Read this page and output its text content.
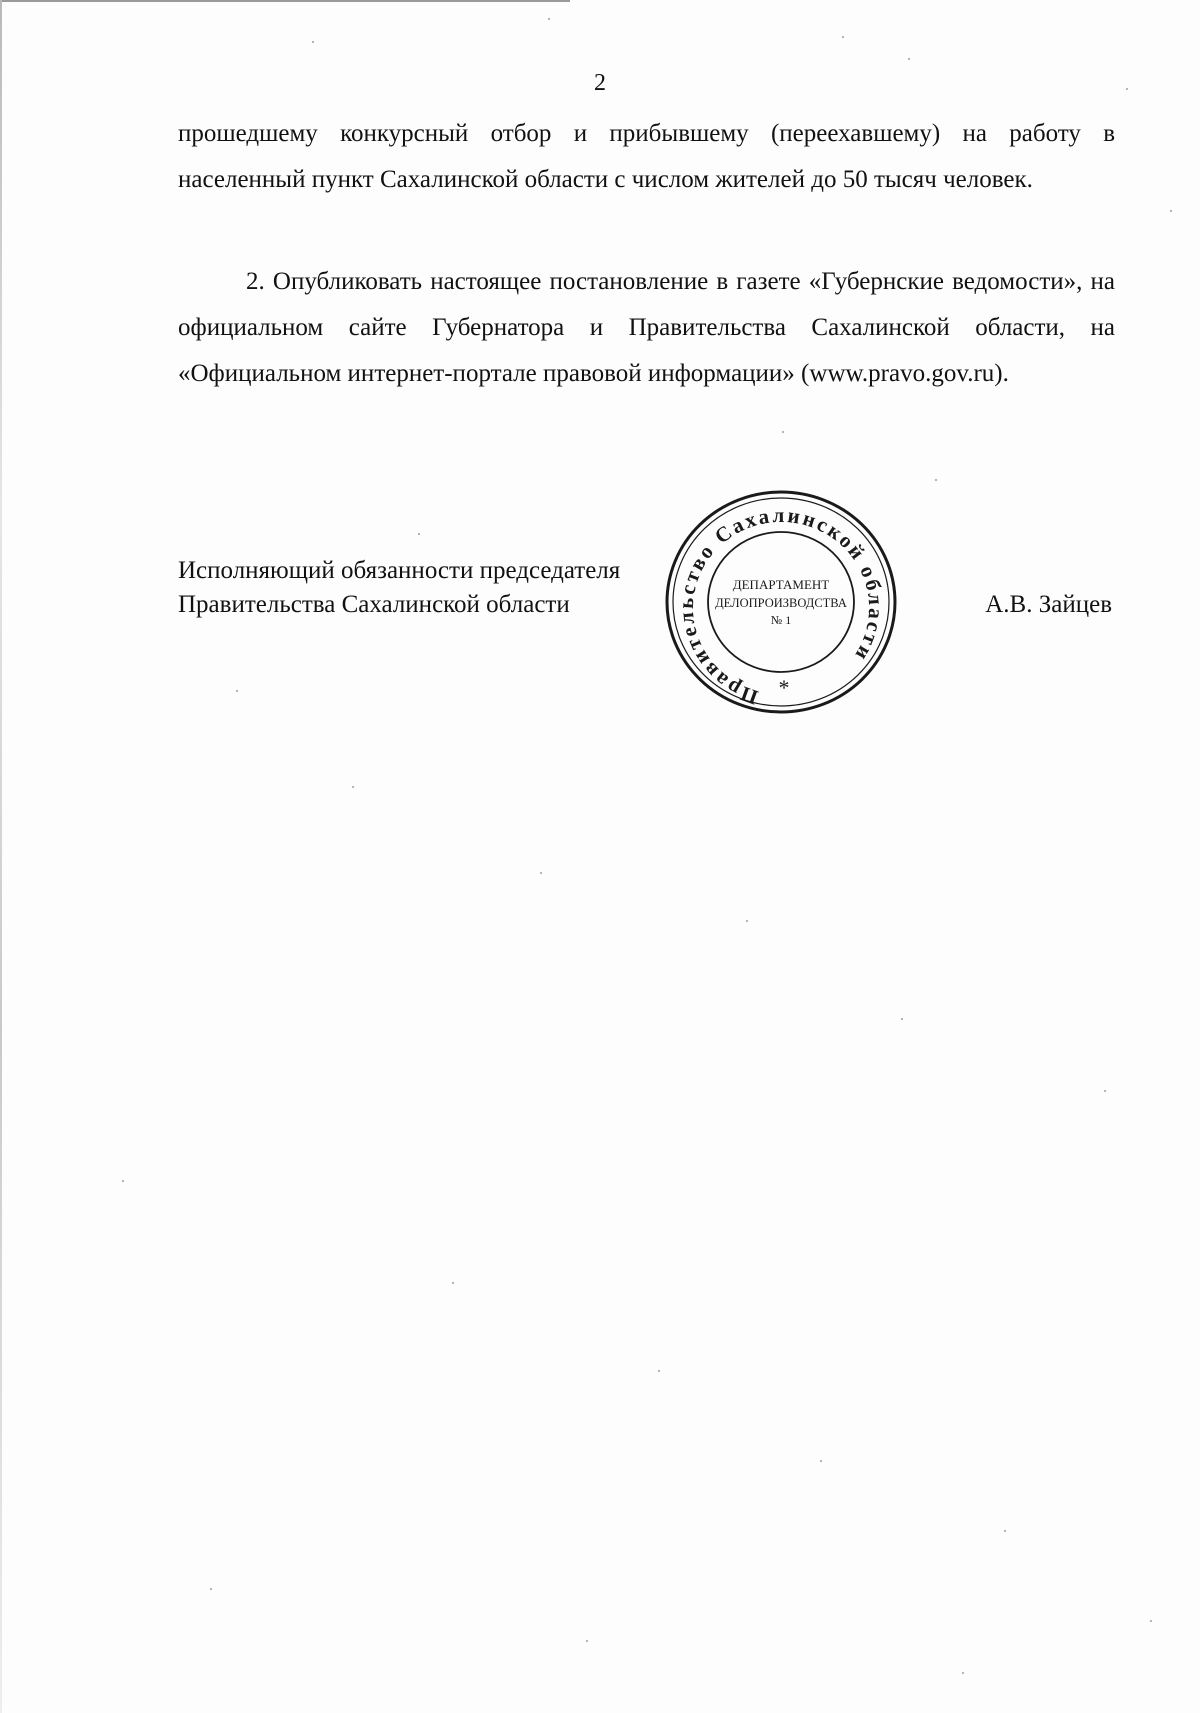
2

прошедшему конкурсный отбор и прибывшему (переехавшему) на работу в населенный пункт Сахалинской области с числом жителей до 50 тысяч человек.

2. Опубликовать настоящее постановление в газете «Губернские ведомости», на официальном сайте Губернатора и Правительства Сахалинской области, на «Официальном интернет-портале правовой информации» (www.pravo.gov.ru).

Исполняющий обязанности председателя
Правительства Сахалинской области
Правительство Сахалинской области
ДЕПАРТАМЕНТ
ДЕЛОПРОИЗВОДСТВА
№ 1
*
А.В. Зайцев
